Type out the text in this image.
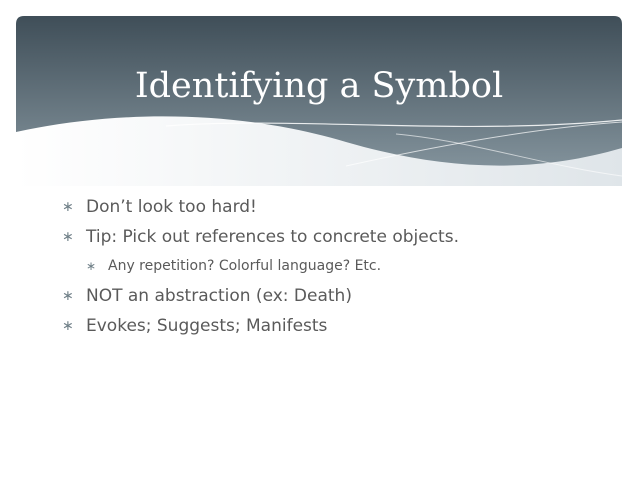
Identifying a Symbol
∗ Don’t look too hard!
∗ Tip: Pick out references to concrete objects.
∗ Any repetition? Colorful language? Etc.
∗ NOT an abstraction (ex: Death)
∗ Evokes; Suggests; Manifests
